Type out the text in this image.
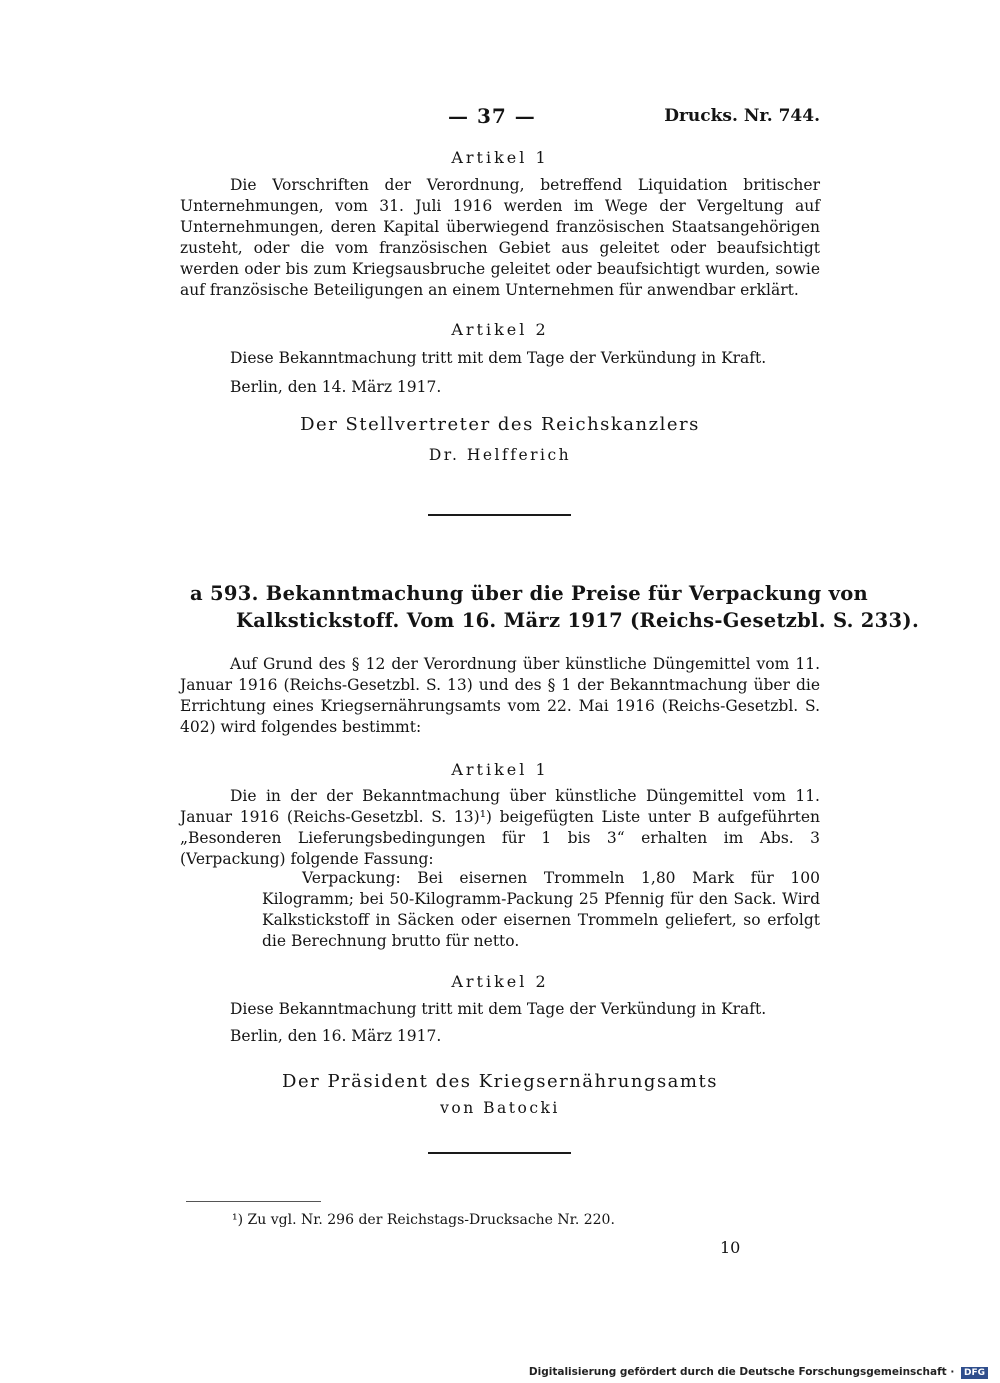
— 37 —	Drucks. Nr. 744.
Artikel 1
Die Vorschriften der Verordnung, betreffend Liquidation britischer Unternehmungen, vom 31. Juli 1916 werden im Wege der Vergeltung auf Unternehmungen, deren Kapital überwiegend französischen Staatsangehörigen zusteht, oder die vom französischen Gebiet aus geleitet oder beaufsichtigt werden oder bis zum Kriegsausbruche geleitet oder beaufsichtigt wurden, sowie auf französische Beteiligungen an einem Unternehmen für anwendbar erklärt.
Artikel 2
Diese Bekanntmachung tritt mit dem Tage der Verkündung in Kraft.
Berlin, den 14. März 1917.
Der Stellvertreter des Reichskanzlers
Dr. Helfferich
a 593. Bekanntmachung über die Preise für Verpackung von
Kalkstickstoff. Vom 16. März 1917 (Reichs-Gesetzbl. S. 233).
Auf Grund des § 12 der Verordnung über künstliche Düngemittel vom 11. Januar 1916 (Reichs-Gesetzbl. S. 13) und des § 1 der Bekanntmachung über die Errichtung eines Kriegsernährungsamts vom 22. Mai 1916 (Reichs-Gesetzbl. S. 402) wird folgendes bestimmt:
Artikel 1
Die in der der Bekanntmachung über künstliche Düngemittel vom 11. Januar 1916 (Reichs-Gesetzbl. S. 13)¹) beigefügten Liste unter B aufgeführten „Besonderen Lieferungsbedingungen für 1 bis 3“ erhalten im Abs. 3 (Verpackung) folgende Fassung:
Verpackung: Bei eisernen Trommeln 1,80 Mark für 100 Kilogramm; bei 50-Kilogramm-Packung 25 Pfennig für den Sack. Wird Kalkstickstoff in Säcken oder eisernen Trommeln geliefert, so erfolgt die Berechnung brutto für netto.
Artikel 2
Diese Bekanntmachung tritt mit dem Tage der Verkündung in Kraft.
Berlin, den 16. März 1917.
Der Präsident des Kriegsernährungsamts
von Batocki
¹) Zu vgl. Nr. 296 der Reichstags-Drucksache Nr. 220.
10
Digitalisierung gefördert durch die Deutsche Forschungsgemeinschaft · DFG
